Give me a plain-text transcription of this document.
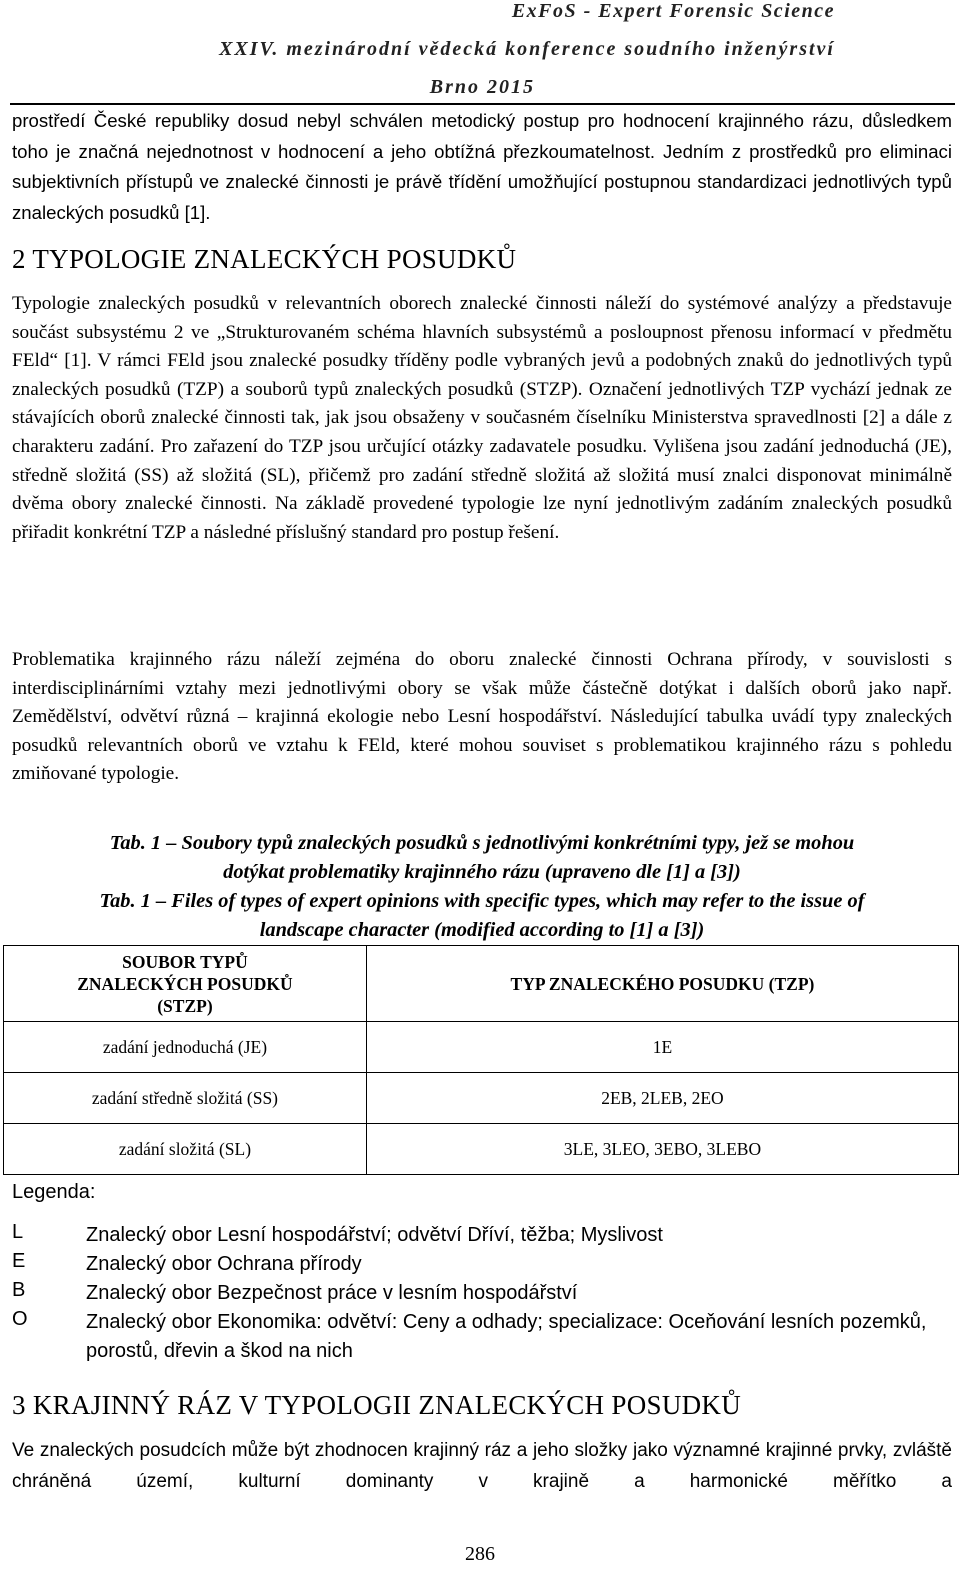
ExFoS - Expert Forensic Science
XXIV. mezinárodní vědecká konference soudního inženýrství
Brno 2015

prostředí České republiky dosud nebyl schválen metodický postup pro hodnocení krajinného rázu, důsledkem toho je značná nejednotnost v hodnocení a jeho obtížná přezkoumatelnost. Jedním z prostředků pro eliminaci subjektivních přístupů ve znalecké činnosti je právě třídění umožňující postupnou standardizaci jednotlivých typů znaleckých posudků [1].

2 TYPOLOGIE ZNALECKÝCH POSUDKŮ

Typologie znaleckých posudků v relevantních oborech znalecké činnosti náleží do systémové analýzy a představuje součást subsystému 2 ve „Strukturovaném schéma hlavních subsystémů a posloupnost přenosu informací v předmětu FEld“ [1]. V rámci FEld jsou znalecké posudky tříděny podle vybraných jevů a podobných znaků do jednotlivých typů znaleckých posudků (TZP) a souborů typů znaleckých posudků (STZP). Označení jednotlivých TZP vychází jednak ze stávajících oborů znalecké činnosti tak, jak jsou obsaženy v současném číselníku Ministerstva spravedlnosti [2] a dále z charakteru zadání. Pro zařazení do TZP jsou určující otázky zadavatele posudku. Vylišena jsou zadání jednoduchá (JE), středně složitá (SS) až složitá (SL), přičemž pro zadání středně složitá až složitá musí znalci disponovat minimálně dvěma obory znalecké činnosti. Na základě provedené typologie lze nyní jednotlivým zadáním znaleckých posudků přiřadit konkrétní TZP a následné příslušný standard pro postup řešení.

Problematika krajinného rázu náleží zejména do oboru znalecké činnosti Ochrana přírody, v souvislosti s interdisciplinárními vztahy mezi jednotlivými obory se však může částečně dotýkat i dalších oborů jako např. Zemědělství, odvětví různá – krajinná ekologie nebo Lesní hospodářství. Následující tabulka uvádí typy znaleckých posudků relevantních oborů ve vztahu k FEld, které mohou souviset s problematikou krajinného rázu s pohledu zmiňované typologie.

Tab. 1 – Soubory typů znaleckých posudků s jednotlivými konkrétními typy, jež se mohou
dotýkat problematiky krajinného rázu (upraveno dle [1] a [3])
Tab. 1 – Files of types of expert opinions with specific types, which may refer to the issue of
landscape character (modified according to [1] a [3])
SOUBOR TYPŮ ZNALECKÝCH POSUDKŮ (STZP)	TYP ZNALECKÉHO POSUDKU (TZP)
zadání jednoduchá (JE)	1E
zadání středně složitá (SS)	2EB, 2LEB, 2EO
zadání složitá (SL)	3LE, 3LEO, 3EBO, 3LEBO
Legenda:
L	Znalecký obor Lesní hospodářství; odvětví Dříví, těžba; Myslivost
E	Znalecký obor Ochrana přírody
B	Znalecký obor Bezpečnost práce v lesním hospodářství
O	Znalecký obor Ekonomika: odvětví: Ceny a odhady; specializace: Oceňování lesních pozemků, porostů, dřevin a škod na nich
3 KRAJINNÝ RÁZ V TYPOLOGII ZNALECKÝCH POSUDKŮ

Ve znaleckých posudcích může být zhodnocen krajinný ráz a jeho složky jako významné krajinné prvky, zvláště chráněná území, kulturní dominanty v krajině a harmonické měřítko a

286
